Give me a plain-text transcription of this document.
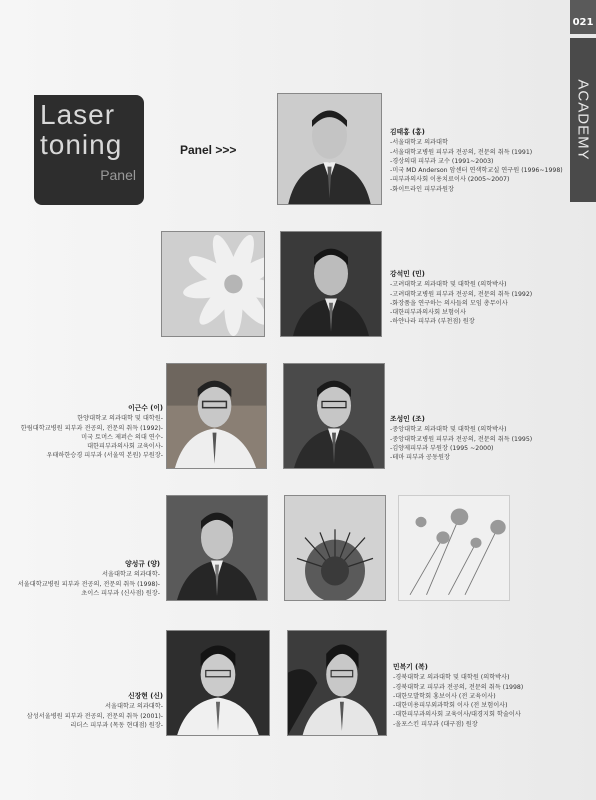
021
ACADEMY
Laser
toning
Panel
Panel >>>
김태홍 (홍)
-서울대학교 의과대학
-서울대학교병원 피부과 전공의, 전문의 취득 (1991)
-경상의대 피부과 교수 (1991~2003)
-미국 MD Anderson 암센터 연색학교실 연구원 (1996~1998)
-피부과의사회 이용치료이사 (2005~2007)
-화이트라인 피부과원장
강석민 (민)
-고려대학교 의과대학 및 대학원 (의학박사)
-고려대학교병원 피부과 전공의, 전문의 취득 (1992)
-화장품을 연구하는 의사들의 모임 총무이사
-대한피부과의사회 보험이사
-하얀나라 피부과 (부천점) 원장
이근수 (이)
한양대학교 의과대학 및 대학원-
한림대학교병원 피부과 전공의, 전문의 취득 (1992)-
미국 토머스 제퍼슨 의대 연수-
대한피부과의사회 교육이사-
우태하한승경 피부과 (서울역 본원) 부원장-
조성인 (조)
-중앙대학교 의과대학 및 대학원 (의학박사)
-중앙대학교병원 피부과 전공의, 전문의 취득 (1995)
-김양제피부과 부원장 (1995 ~2000)
-테마 피부과 공동원장
양성규 (양)
서울대학교 의과대학-
서울대학교병원 피부과 전공의, 전문의 취득 (1998)-
초이스 피부과 (신사점) 원장-
신장현 (신)
서울대학교 의과대학-
삼성서울병원 피부과 전공의, 전문의 취득 (2001)-
리더스 피부과 (목동 현대점) 원장-
민복기 (복)
-경북대학교 의과대학 및 대학원 (의학박사)
-경북대학교 피부과 전공의, 전문의 취득 (1998)
-대한모발학회 홍보이사 (전 교육이사)
-대한미용피부외과학회 이사 (전 보험이사)
-대한피부과의사회 교육이사/대경지회 학술이사
-올포스킨 피부과 (대구점) 원장
